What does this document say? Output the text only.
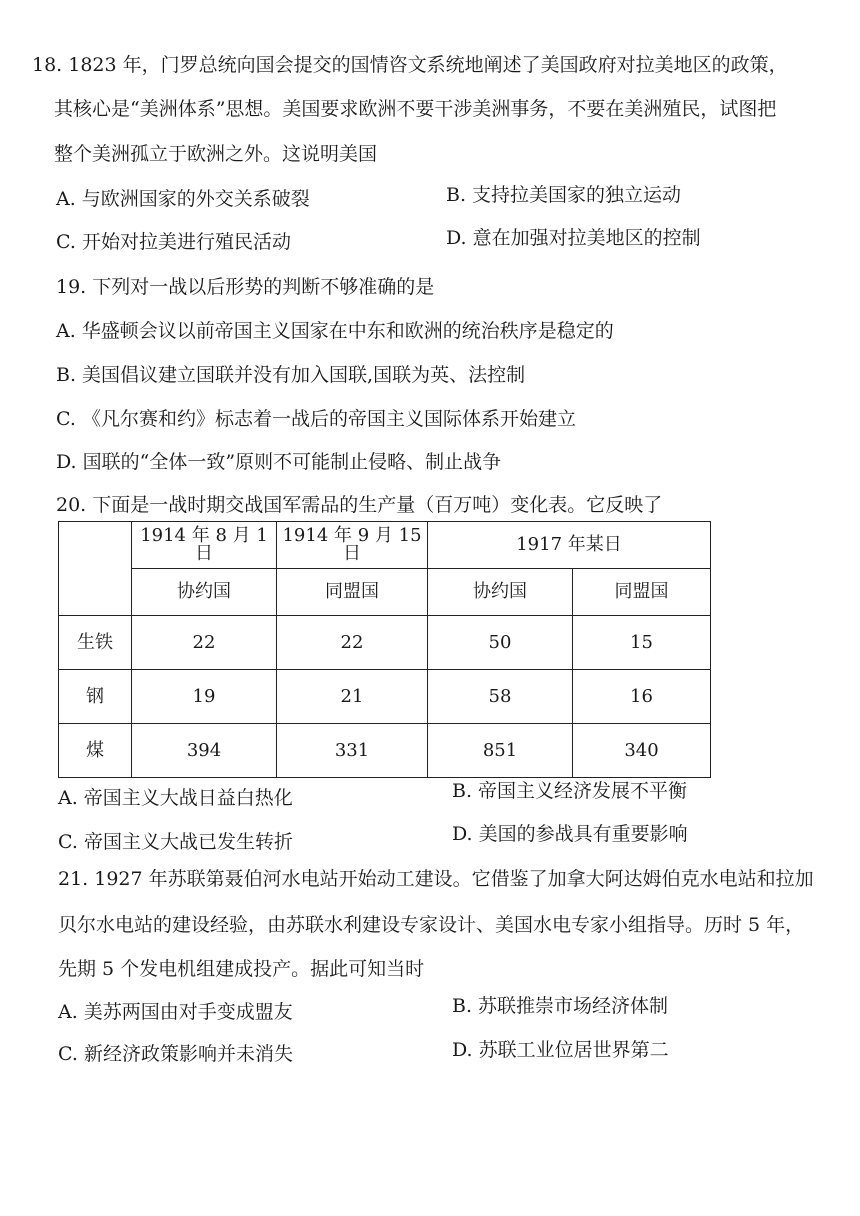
18. 1823 年，门罗总统向国会提交的国情咨文系统地阐述了美国政府对拉美地区的政策，
其核心是“美洲体系”思想。美国要求欧洲不要干涉美洲事务，不要在美洲殖民，试图把
整个美洲孤立于欧洲之外。这说明美国
A. 与欧洲国家的外交关系破裂	B. 支持拉美国家的独立运动
C. 开始对拉美进行殖民活动	D. 意在加强对拉美地区的控制
19. 下列对一战以后形势的判断不够准确的是
A. 华盛顿会议以前帝国主义国家在中东和欧洲的统治秩序是稳定的
B. 美国倡议建立国联并没有加入国联,国联为英、法控制
C. 《凡尔赛和约》标志着一战后的帝国主义国际体系开始建立
D. 国联的“全体一致”原则不可能制止侵略、制止战争
20. 下面是一战时期交战国军需品的生产量（百万吨）变化表。它反映了
	1914 年 8 月 1 日	1914 年 9 月 15 日	1917 年某日	
	协约国	同盟国	协约国	同盟国
生铁	22	22	50	15
钢	19	21	58	16
煤	394	331	851	340
A. 帝国主义大战日益白热化	B. 帝国主义经济发展不平衡
C. 帝国主义大战已发生转折	D. 美国的参战具有重要影响
21. 1927 年苏联第聂伯河水电站开始动工建设。它借鉴了加拿大阿达姆伯克水电站和拉加
贝尔水电站的建设经验，由苏联水利建设专家设计、美国水电专家小组指导。历时 5 年，
先期 5 个发电机组建成投产。据此可知当时
A. 美苏两国由对手变成盟友	B. 苏联推崇市场经济体制
C. 新经济政策影响并未消失	D. 苏联工业位居世界第二
